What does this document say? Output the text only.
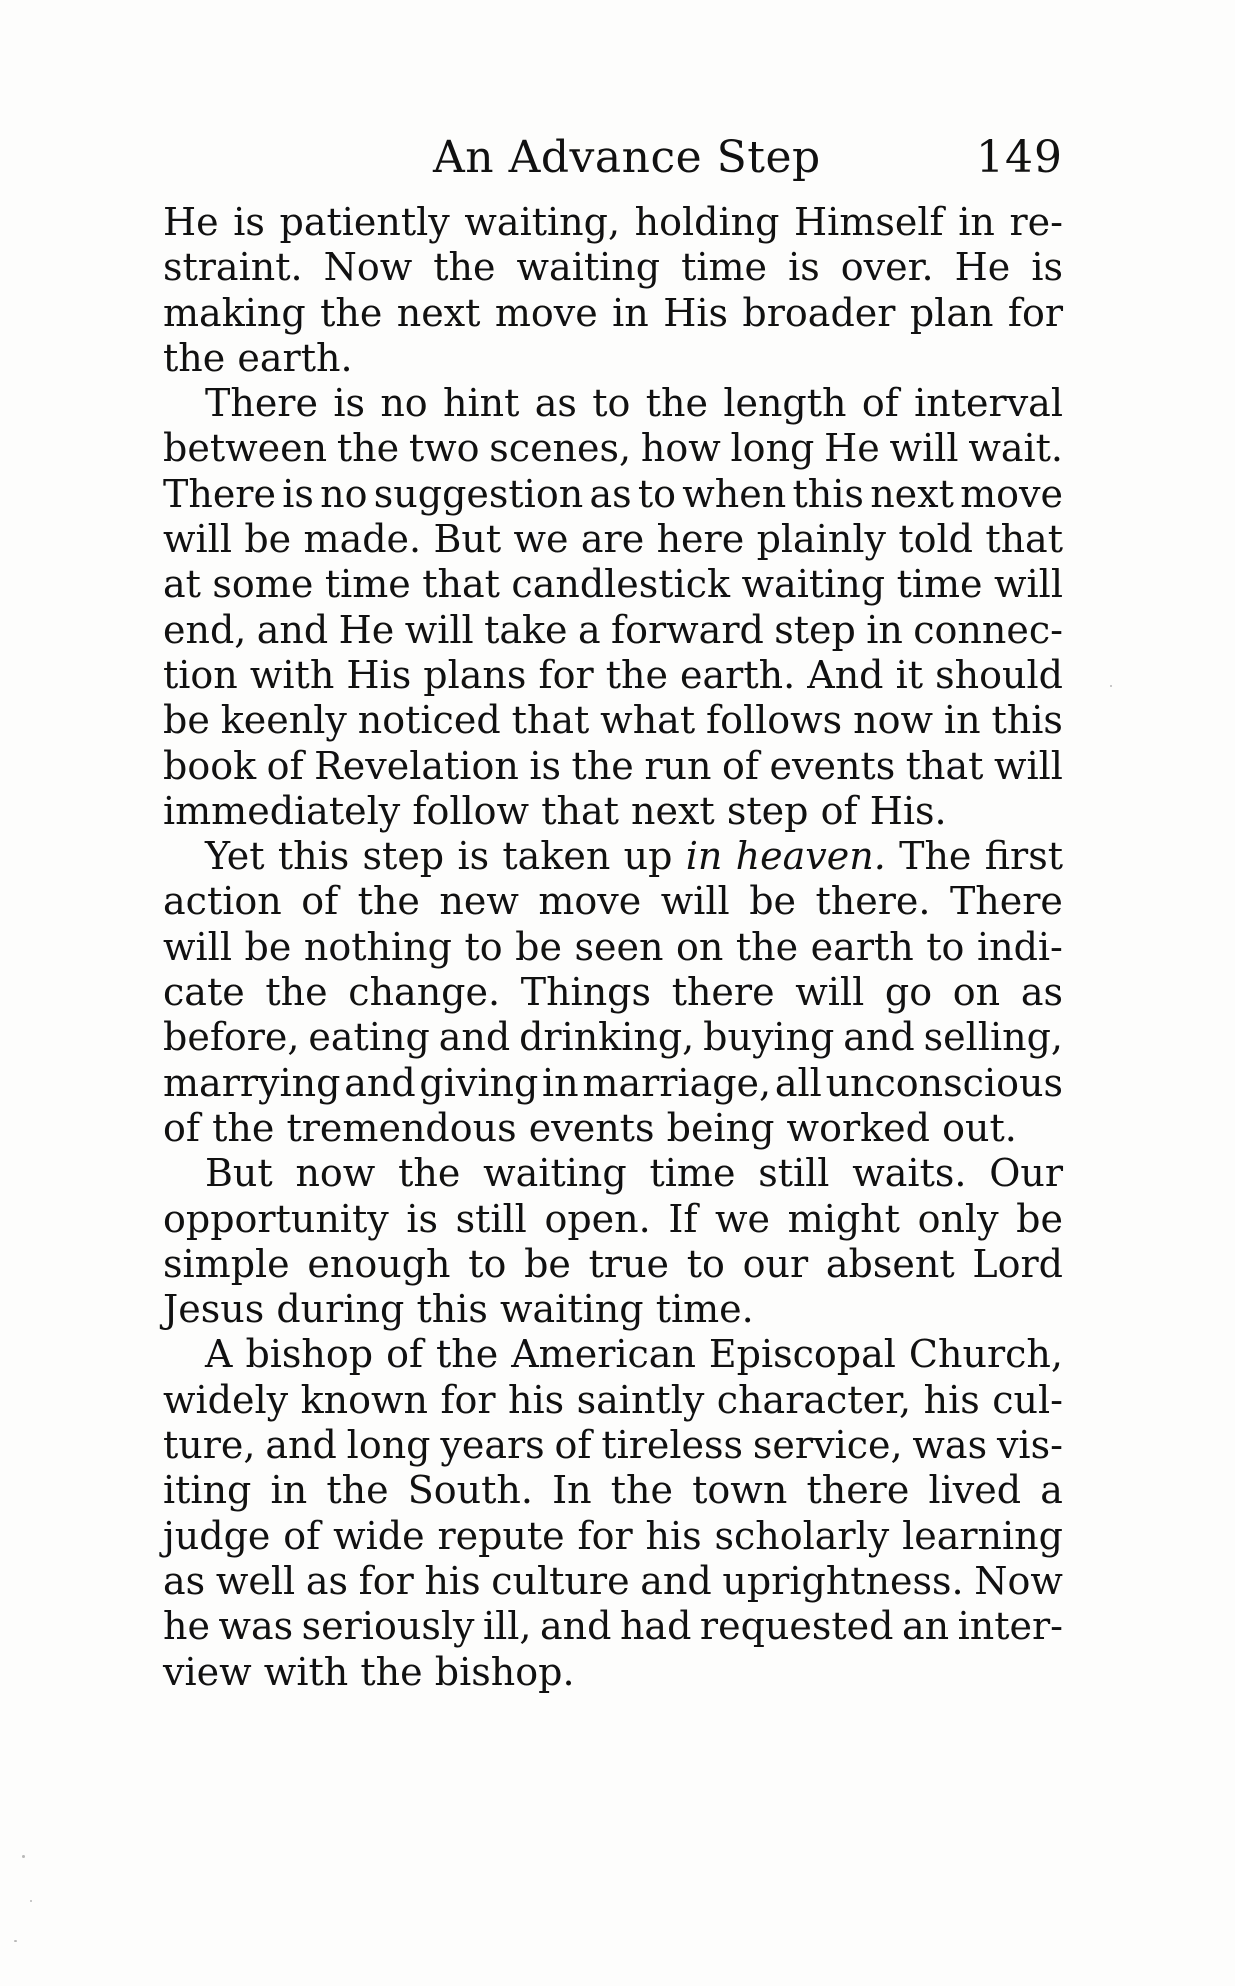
An Advance Step	149
He is patiently waiting, holding Himself in re-
straint. Now the waiting time is over. He is
making the next move in His broader plan for
the earth.
There is no hint as to the length of interval
between the two scenes, how long He will wait.
There is no suggestion as to when this next move
will be made. But we are here plainly told that
at some time that candlestick waiting time will
end, and He will take a forward step in connec-
tion with His plans for the earth. And it should
be keenly noticed that what follows now in this
book of Revelation is the run of events that will
immediately follow that next step of His.
Yet this step is taken up in heaven. The first
action of the new move will be there. There
will be nothing to be seen on the earth to indi-
cate the change. Things there will go on as
before, eating and drinking, buying and selling,
marrying and giving in marriage, all unconscious
of the tremendous events being worked out.
But now the waiting time still waits. Our
opportunity is still open. If we might only be
simple enough to be true to our absent Lord
Jesus during this waiting time.
A bishop of the American Episcopal Church,
widely known for his saintly character, his cul-
ture, and long years of tireless service, was vis-
iting in the South. In the town there lived a
judge of wide repute for his scholarly learning
as well as for his culture and uprightness. Now
he was seriously ill, and had requested an inter-
view with the bishop.
